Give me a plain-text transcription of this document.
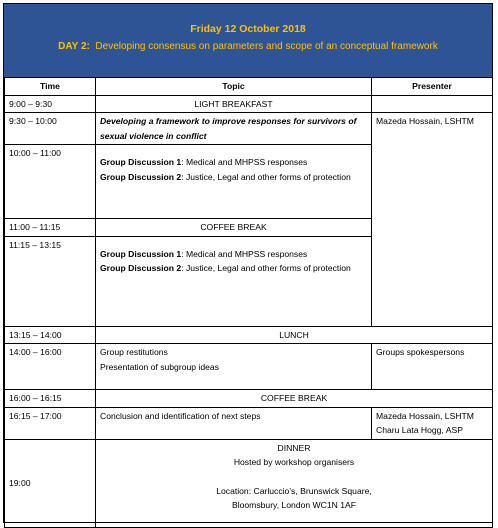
Friday 12 October 2018
DAY 2: Developing consensus on parameters and scope of an conceptual framework
Time	Topic	Presenter
9:00 – 9:30	LIGHT BREAKFAST	
9:30 – 10:00	Developing a framework to improve responses for survivors of sexual violence in conflict	Mazeda Hossain, LSHTM
10:00 – 11:00	Group Discussion 1: Medical and MHPSS responses
Group Discussion 2: Justice, Legal and other forms of protection	

11:00 – 11:15	COFFEE BREAK	
11:15 – 13:15	Group Discussion 1: Medical and MHPSS responses
Group Discussion 2: Justice, Legal and other forms of protection	

13:15 – 14:00	LUNCH	
14:00 – 16:00	Group restitutions
Presentation of subgroup ideas	Groups spokespersons
16:00 – 16:15	COFFEE BREAK	
16:15 – 17:00	Conclusion and identification of next steps	Mazeda Hossain, LSHTM
Charu Lata Hogg, ASP

19:00	DINNER
Hosted by workshop organisers
Location: Carluccio’s, Brunswick Square,
Bloomsbury, London WC1N 1AF	
